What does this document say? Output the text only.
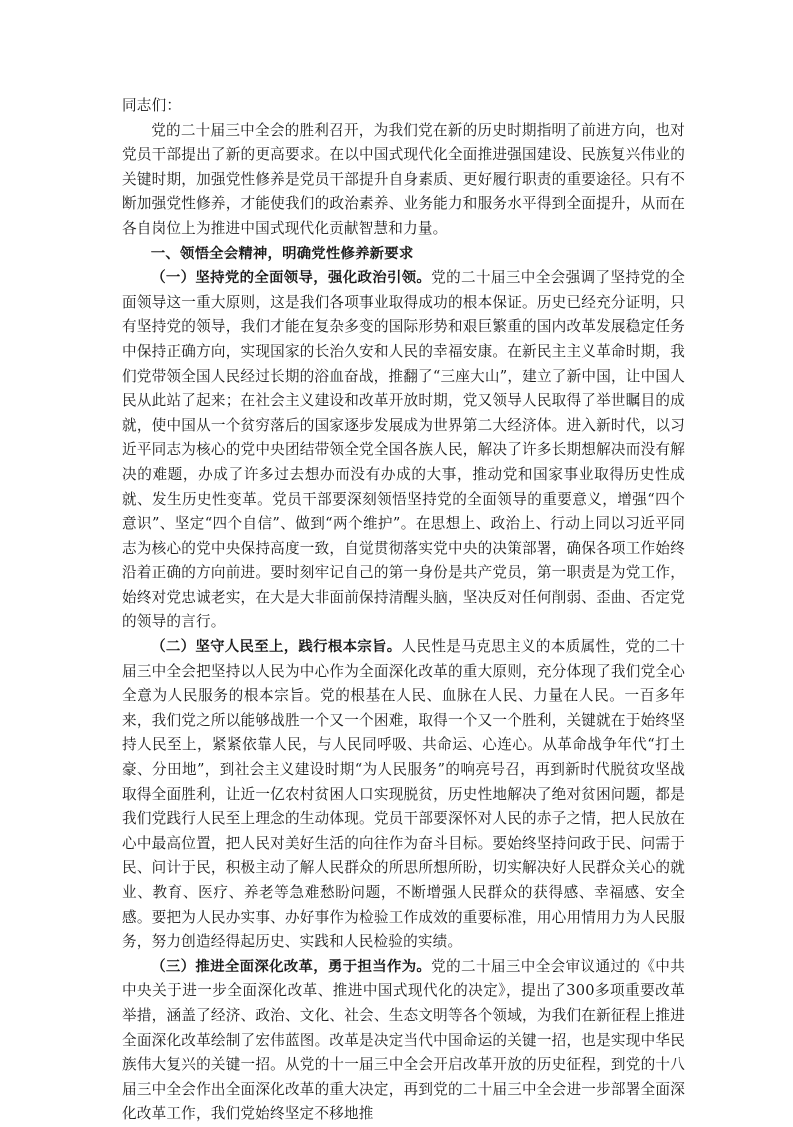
同志们：

党的二十届三中全会的胜利召开，为我们党在新的历史时期指明了前进方向，也对党员干部提出了新的更高要求。在以中国式现代化全面推进强国建设、民族复兴伟业的关键时期，加强党性修养是党员干部提升自身素质、更好履行职责的重要途径。只有不断加强党性修养，才能使我们的政治素养、业务能力和服务水平得到全面提升，从而在各自岗位上为推进中国式现代化贡献智慧和力量。

一、领悟全会精神，明确党性修养新要求

（一）坚持党的全面领导，强化政治引领。党的二十届三中全会强调了坚持党的全面领导这一重大原则，这是我们各项事业取得成功的根本保证。历史已经充分证明，只有坚持党的领导，我们才能在复杂多变的国际形势和艰巨繁重的国内改革发展稳定任务中保持正确方向，实现国家的长治久安和人民的幸福安康。在新民主主义革命时期，我们党带领全国人民经过长期的浴血奋战，推翻了“三座大山”，建立了新中国，让中国人民从此站了起来；在社会主义建设和改革开放时期，党又领导人民取得了举世瞩目的成就，使中国从一个贫穷落后的国家逐步发展成为世界第二大经济体。进入新时代，以习近平同志为核心的党中央团结带领全党全国各族人民，解决了许多长期想解决而没有解决的难题，办成了许多过去想办而没有办成的大事，推动党和国家事业取得历史性成就、发生历史性变革。党员干部要深刻领悟坚持党的全面领导的重要意义，增强“四个意识”、坚定“四个自信”、做到“两个维护”。在思想上、政治上、行动上同以习近平同志为核心的党中央保持高度一致，自觉贯彻落实党中央的决策部署，确保各项工作始终沿着正确的方向前进。要时刻牢记自己的第一身份是共产党员，第一职责是为党工作，始终对党忠诚老实，在大是大非面前保持清醒头脑，坚决反对任何削弱、歪曲、否定党的领导的言行。

（二）坚守人民至上，践行根本宗旨。人民性是马克思主义的本质属性，党的二十届三中全会把坚持以人民为中心作为全面深化改革的重大原则，充分体现了我们党全心全意为人民服务的根本宗旨。党的根基在人民、血脉在人民、力量在人民。一百多年来，我们党之所以能够战胜一个又一个困难，取得一个又一个胜利，关键就在于始终坚持人民至上，紧紧依靠人民，与人民同呼吸、共命运、心连心。从革命战争年代“打土豪、分田地”，到社会主义建设时期“为人民服务”的响亮号召，再到新时代脱贫攻坚战取得全面胜利，让近一亿农村贫困人口实现脱贫，历史性地解决了绝对贫困问题，都是我们党践行人民至上理念的生动体现。党员干部要深怀对人民的赤子之情，把人民放在心中最高位置，把人民对美好生活的向往作为奋斗目标。要始终坚持问政于民、问需于民、问计于民，积极主动了解人民群众的所思所想所盼，切实解决好人民群众关心的就业、教育、医疗、养老等急难愁盼问题，不断增强人民群众的获得感、幸福感、安全感。要把为人民办实事、办好事作为检验工作成效的重要标准，用心用情用力为人民服务，努力创造经得起历史、实践和人民检验的实绩。

（三）推进全面深化改革，勇于担当作为。党的二十届三中全会审议通过的《中共中央关于进一步全面深化改革、推进中国式现代化的决定》，提出了300多项重要改革举措，涵盖了经济、政治、文化、社会、生态文明等各个领域，为我们在新征程上推进全面深化改革绘制了宏伟蓝图。改革是决定当代中国命运的关键一招，也是实现中华民族伟大复兴的关键一招。从党的十一届三中全会开启改革开放的历史征程，到党的十八届三中全会作出全面深化改革的重大决定，再到党的二十届三中全会进一步部署全面深化改革工作，我们党始终坚定不移地推
